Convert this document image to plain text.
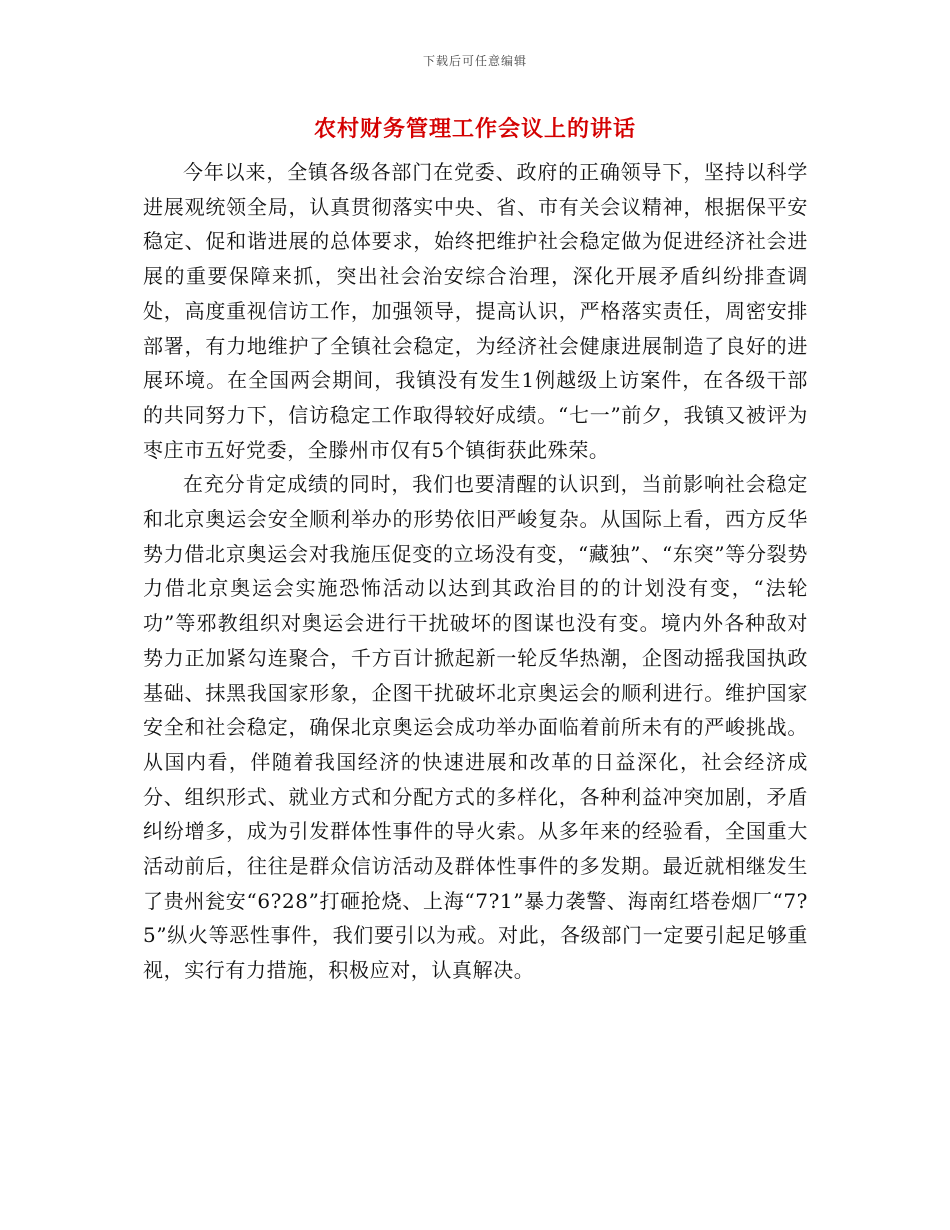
下载后可任意编辑
农村财务管理工作会议上的讲话

今年以来，全镇各级各部门在党委、政府的正确领导下，坚持以科学进展观统领全局，认真贯彻落实中央、省、市有关会议精神，根据保平安稳定、促和谐进展的总体要求，始终把维护社会稳定做为促进经济社会进展的重要保障来抓，突出社会治安综合治理，深化开展矛盾纠纷排查调处，高度重视信访工作，加强领导，提高认识，严格落实责任，周密安排部署，有力地维护了全镇社会稳定，为经济社会健康进展制造了良好的进展环境。在全国两会期间，我镇没有发生1例越级上访案件，在各级干部的共同努力下，信访稳定工作取得较好成绩。“七一”前夕，我镇又被评为枣庄市五好党委，全滕州市仅有5个镇街获此殊荣。

在充分肯定成绩的同时，我们也要清醒的认识到，当前影响社会稳定和北京奥运会安全顺利举办的形势依旧严峻复杂。从国际上看，西方反华势力借北京奥运会对我施压促变的立场没有变，“藏独”、“东突”等分裂势力借北京奥运会实施恐怖活动以达到其政治目的的计划没有变，“法轮功”等邪教组织对奥运会进行干扰破坏的图谋也没有变。境内外各种敌对势力正加紧勾连聚合，千方百计掀起新一轮反华热潮，企图动摇我国执政基础、抹黑我国家形象，企图干扰破坏北京奥运会的顺利进行。维护国家安全和社会稳定，确保北京奥运会成功举办面临着前所未有的严峻挑战。从国内看，伴随着我国经济的快速进展和改革的日益深化，社会经济成分、组织形式、就业方式和分配方式的多样化，各种利益冲突加剧，矛盾纠纷增多，成为引发群体性事件的导火索。从多年来的经验看，全国重大活动前后，往往是群众信访活动及群体性事件的多发期。最近就相继发生了贵州瓮安“6?28”打砸抢烧、上海“7?1”暴力袭警、海南红塔卷烟厂“7?5”纵火等恶性事件，我们要引以为戒。对此，各级部门一定要引起足够重视，实行有力措施，积极应对，认真解决。
